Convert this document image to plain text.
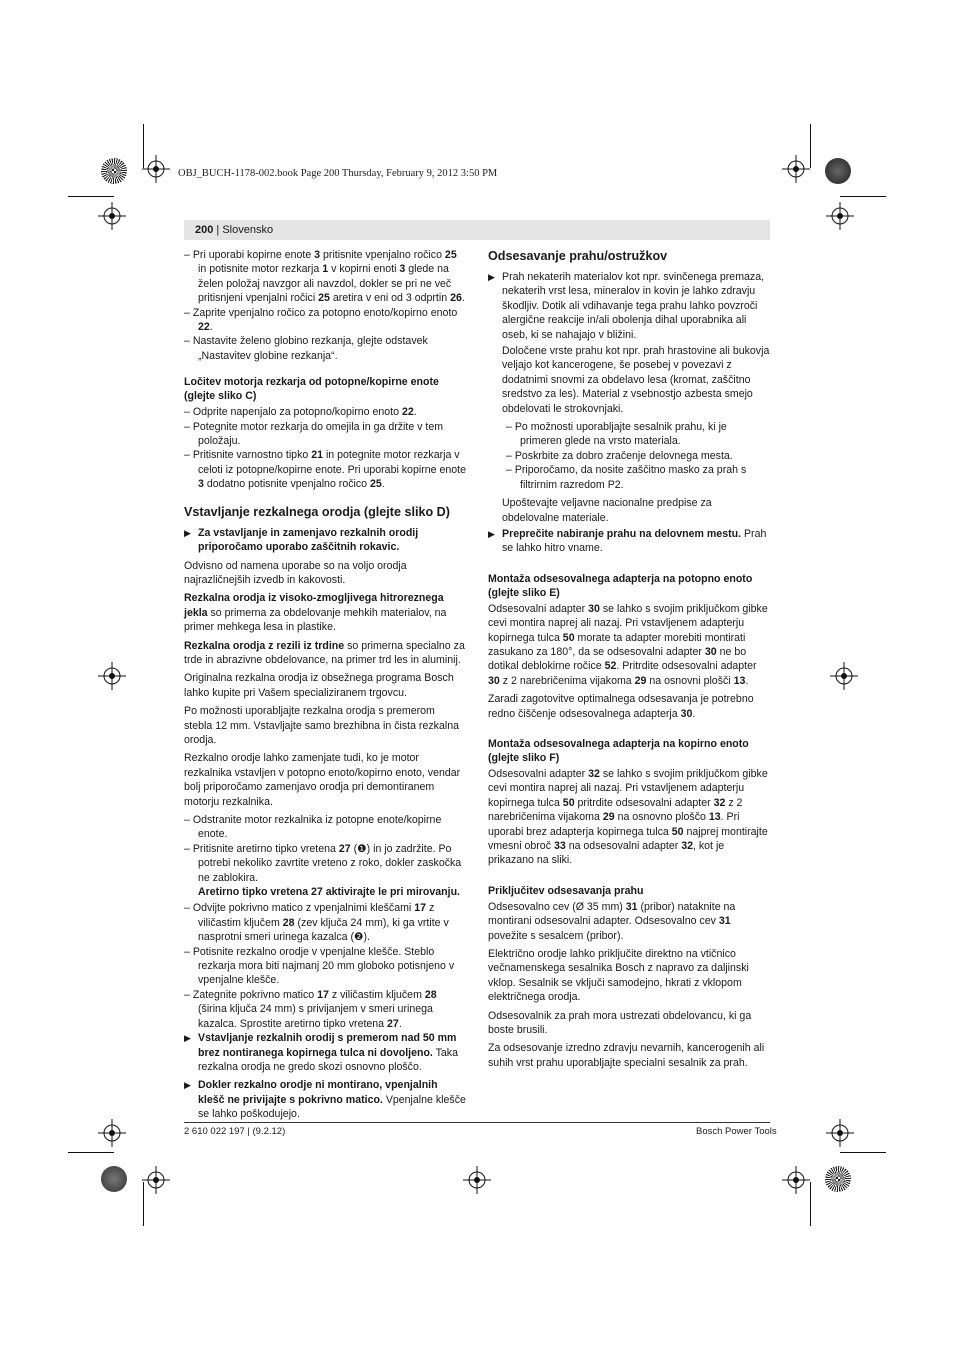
OBJ_BUCH-1178-002.book Page 200 Thursday, February 9, 2012 3:50 PM
200 | Slovensko

– Pri uporabi kopirne enote 3 pritisnite vpenjalno ročico 25 in potisnite motor rezkarja 1 v kopirni enoti 3 glede na želen položaj navzgor ali navzdol, dokler se pri ne več pritisnjeni vpenjalni ročici 25 aretira v eni od 3 odprtin 26.

– Zaprite vpenjalno ročico za potopno enoto/kopirno enoto 22.

– Nastavite želeno globino rezkanja, glejte odstavek „Nastavitev globine rezkanja“.

Ločitev motorja rezkarja od potopne/kopirne enote (glejte sliko C)

– Odprite napenjalo za potopno/kopirno enoto 22.

– Potegnite motor rezkarja do omejila in ga držite v tem položaju.

– Pritisnite varnostno tipko 21 in potegnite motor rezkarja v celoti iz potopne/kopirne enote. Pri uporabi kopirne enote 3 dodatno potisnite vpenjalno ročico 25.

Vstavljanje rezkalnega orodja (glejte sliko D)

▶ Za vstavljanje in zamenjavo rezkalnih orodij priporočamo uporabo zaščitnih rokavic.

Odvisno od namena uporabe so na voljo orodja najrazličnejših izvedb in kakovosti.

Rezkalna orodja iz visoko-zmogljivega hitroreznega jekla so primerna za obdelovanje mehkih materialov, na primer mehkega lesa in plastike.

Rezkalna orodja z rezili iz trdine so primerna specialno za trde in abrazivne obdelovance, na primer trd les in aluminij.

Originalna rezkalna orodja iz obsežnega programa Bosch lahko kupite pri Vašem specializiranem trgovcu.

Po možnosti uporabljajte rezkalna orodja s premerom stebla 12 mm. Vstavljajte samo brezhibna in čista rezkalna orodja.

Rezkalno orodje lahko zamenjate tudi, ko je motor rezkalnika vstavljen v potopno enoto/kopirno enoto, vendar bolj priporočamo zamenjavo orodja pri demontiranem motorju rezkalnika.

– Odstranite motor rezkalnika iz potopne enote/kopirne enote.

– Pritisnite aretirno tipko vretena 27 (❶) in jo zadržite. Po potrebi nekoliko zavrtite vreteno z roko, dokler zaskočka ne zablokira.

Aretirno tipko vretena 27 aktivirajte le pri mirovanju.

– Odvijte pokrivno matico z vpenjalnimi kleščami 17 z viličastim ključem 28 (zev ključa 24 mm), ki ga vrtite v nasprotni smeri urinega kazalca (❷).

– Potisnite rezkalno orodje v vpenjalne klešče. Steblo rezkarja mora biti najmanj 20 mm globoko potisnjeno v vpenjalne klešče.

– Zategnite pokrivno matico 17 z viličastim ključem 28 (širina ključa 24 mm) s privijanjem v smeri urinega kazalca. Sprostite aretirno tipko vretena 27.

▶ Vstavljanje rezkalnih orodij s premerom nad 50 mm brez nontiranega kopirnega tulca ni dovoljeno. Taka rezkalna orodja ne gredo skozi osnovno ploščo.

▶ Dokler rezkalno orodje ni montirano, vpenjalnih klešč ne privijajte s pokrivno matico. Vpenjalne klešče se lahko poškodujejo.

Odsesavanje prahu/ostružkov

▶ Prah nekaterih materialov kot npr. svinčenega premaza, nekaterih vrst lesa, mineralov in kovin je lahko zdravju škodljiv. Dotik ali vdihavanje tega prahu lahko povzroči alergične reakcije in/ali obolenja dihal uporabnika ali oseb, ki se nahajajo v bližini.

Določene vrste prahu kot npr. prah hrastovine ali bukovja veljajo kot kancerogene, še posebej v povezavi z dodatnimi snovmi za obdelavo lesa (kromat, zaščitno sredstvo za les). Material z vsebnostjo azbesta smejo obdelovati le strokovnjaki.

– Po možnosti uporabljajte sesalnik prahu, ki je primeren glede na vrsto materiala.

– Poskrbite za dobro zračenje delovnega mesta.

– Priporočamo, da nosite zaščitno masko za prah s filtrirnim razredom P2.

Upoštevajte veljavne nacionalne predpise za obdelovalne materiale.

▶ Preprečite nabiranje prahu na delovnem mestu. Prah se lahko hitro vname.

Montaža odsesovalnega adapterja na potopno enoto (glejte sliko E)

Odsesovalni adapter 30 se lahko s svojim priključkom gibke cevi montira naprej ali nazaj. Pri vstavljenem adapterju kopirnega tulca 50 morate ta adapter morebiti montirati zasukano za 180°, da se odsesovalni adapter 30 ne bo dotikal deblokirne ročice 52. Pritrdite odsesovalni adapter 30 z 2 narebričenima vijakoma 29 na osnovni plošči 13.

Zaradi zagotovitve optimalnega odsesavanja je potrebno redno čiščenje odsesovalnega adapterja 30.

Montaža odsesovalnega adapterja na kopirno enoto (glejte sliko F)

Odsesovalni adapter 32 se lahko s svojim priključkom gibke cevi montira naprej ali nazaj. Pri vstavljenem adapterju kopirnega tulca 50 pritrdite odsesovalni adapter 32 z 2 narebričenima vijakoma 29 na osnovno ploščo 13. Pri uporabi brez adapterja kopirnega tulca 50 najprej montirajte vmesni obroč 33 na odsesovalni adapter 32, kot je prikazano na sliki.

Priključitev odsesavanja prahu

Odsesovalno cev (Ø 35 mm) 31 (pribor) nataknite na montirani odsesovalni adapter. Odsesovalno cev 31 povežite s sesalcem (pribor).

Električno orodje lahko priključite direktno na vtičnico večnamenskega sesalnika Bosch z napravo za daljinski vklop. Sesalnik se vključi samodejno, hkrati z vklopom električnega orodja.

Odsesovalnik za prah mora ustrezati obdelovancu, ki ga boste brusili.

Za odsesovanje izredno zdravju nevarnih, kancerogenih ali suhih vrst prahu uporabljajte specialni sesalnik za prah.

2 610 022 197 | (9.2.12)	Bosch Power Tools
